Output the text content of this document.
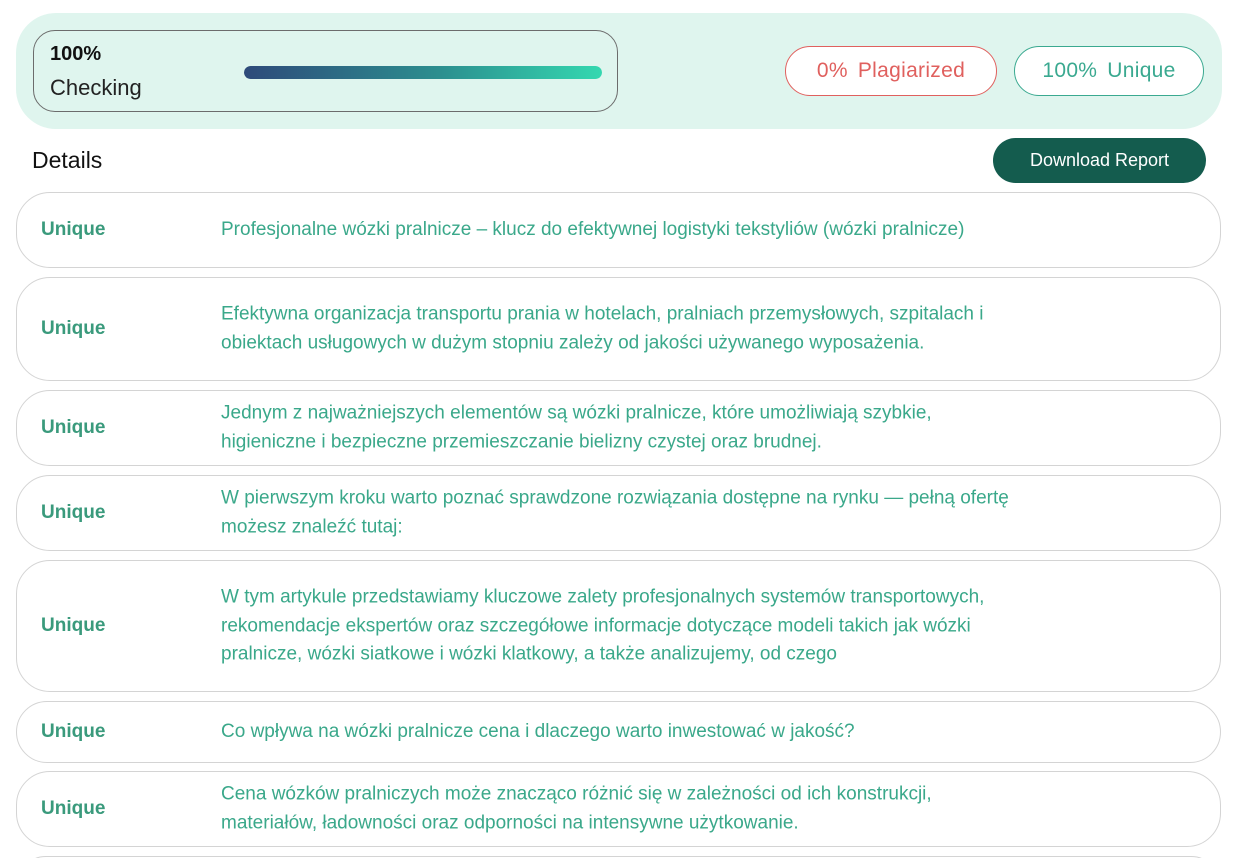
100%
Checking
0% Plagiarized	100% Unique
Details	Download Report
Unique	Profesjonalne wózki pralnicze – klucz do efektywnej logistyki tekstyliów (wózki pralnicze)
Unique
Efektywna organizacja transportu prania w hotelach, pralniach przemysłowych, szpitalach i obiektach usługowych w dużym stopniu zależy od jakości używanego wyposażenia.
Unique
Jednym z najważniejszych elementów są wózki pralnicze, które umożliwiają szybkie, higieniczne i bezpieczne przemieszczanie bielizny czystej oraz brudnej.
Unique
W pierwszym kroku warto poznać sprawdzone rozwiązania dostępne na rynku — pełną ofertę możesz znaleźć tutaj:
Unique
W tym artykule przedstawiamy kluczowe zalety profesjonalnych systemów transportowych, rekomendacje ekspertów oraz szczegółowe informacje dotyczące modeli takich jak wózki pralnicze, wózki siatkowe i wózki klatkowy, a także analizujemy, od czego
Unique	Co wpływa na wózki pralnicze cena i dlaczego warto inwestować w jakość?
Unique
Cena wózków pralniczych może znacząco różnić się w zależności od ich konstrukcji, materiałów, ładowności oraz odporności na intensywne użytkowanie.
